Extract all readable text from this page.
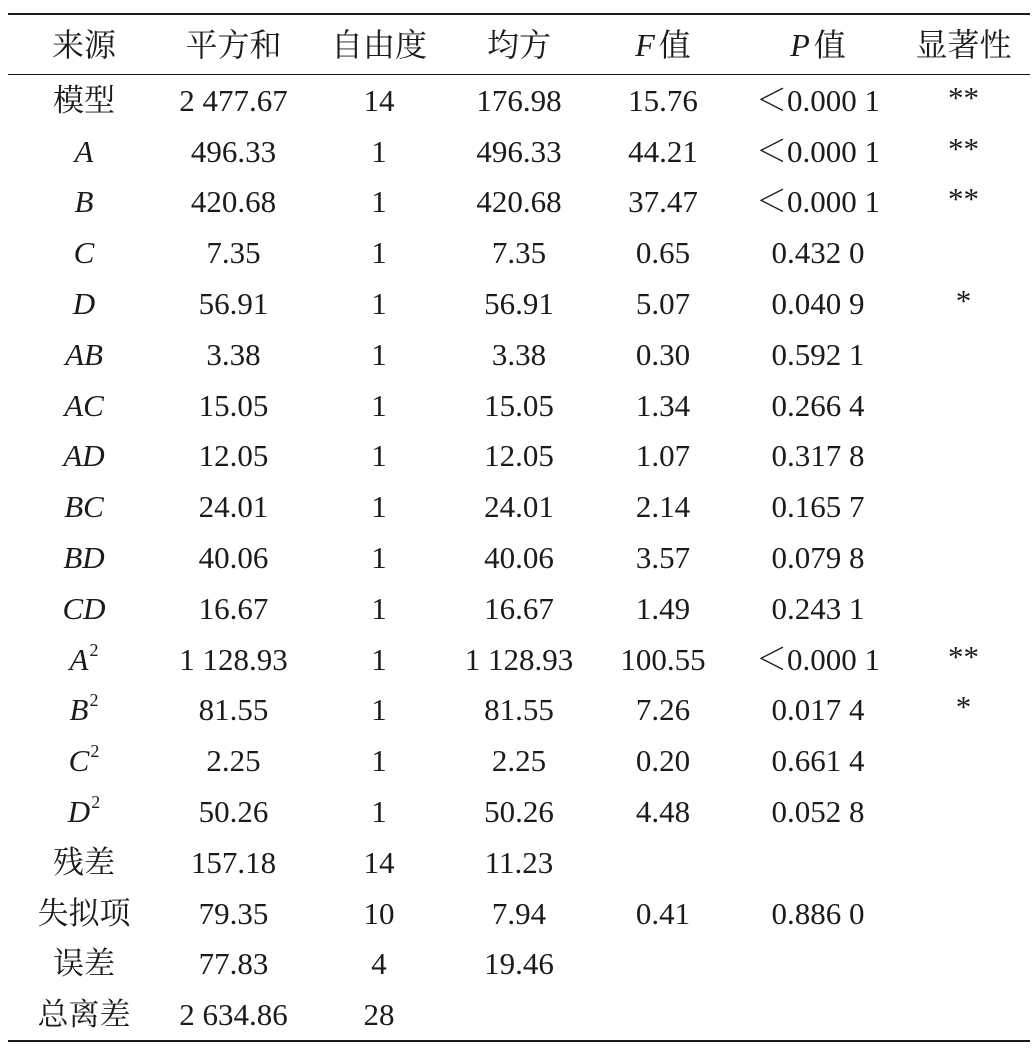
来源	平方和	自由度	均方	F 值	P 值	显著性
模型	2 477.67	14	176.98	15.76	＜0.000 1	**
A	496.33	1	496.33	44.21	＜0.000 1	**
B	420.68	1	420.68	37.47	＜0.000 1	**
C	7.35	1	7.35	0.65	0.432 0
D	56.91	1	56.91	5.07	0.040 9	*
AB	3.38	1	3.38	0.30	0.592 1
AC	15.05	1	15.05	1.34	0.266 4
AD	12.05	1	12.05	1.07	0.317 8
BC	24.01	1	24.01	2.14	0.165 7
BD	40.06	1	40.06	3.57	0.079 8
CD	16.67	1	16.67	1.49	0.243 1
$A^2$	1 128.93	1	1 128.93	100.55	＜0.000 1	**
$B^2$	81.55	1	81.55	7.26	0.017 4	*
$C^2$	2.25	1	2.25	0.20	0.661 4
$D^2$	50.26	1	50.26	4.48	0.052 8
残差	157.18	14	11.23
失拟项	79.35	10	7.94	0.41	0.886 0
误差	77.83	4	19.46
总离差	2 634.86	28
